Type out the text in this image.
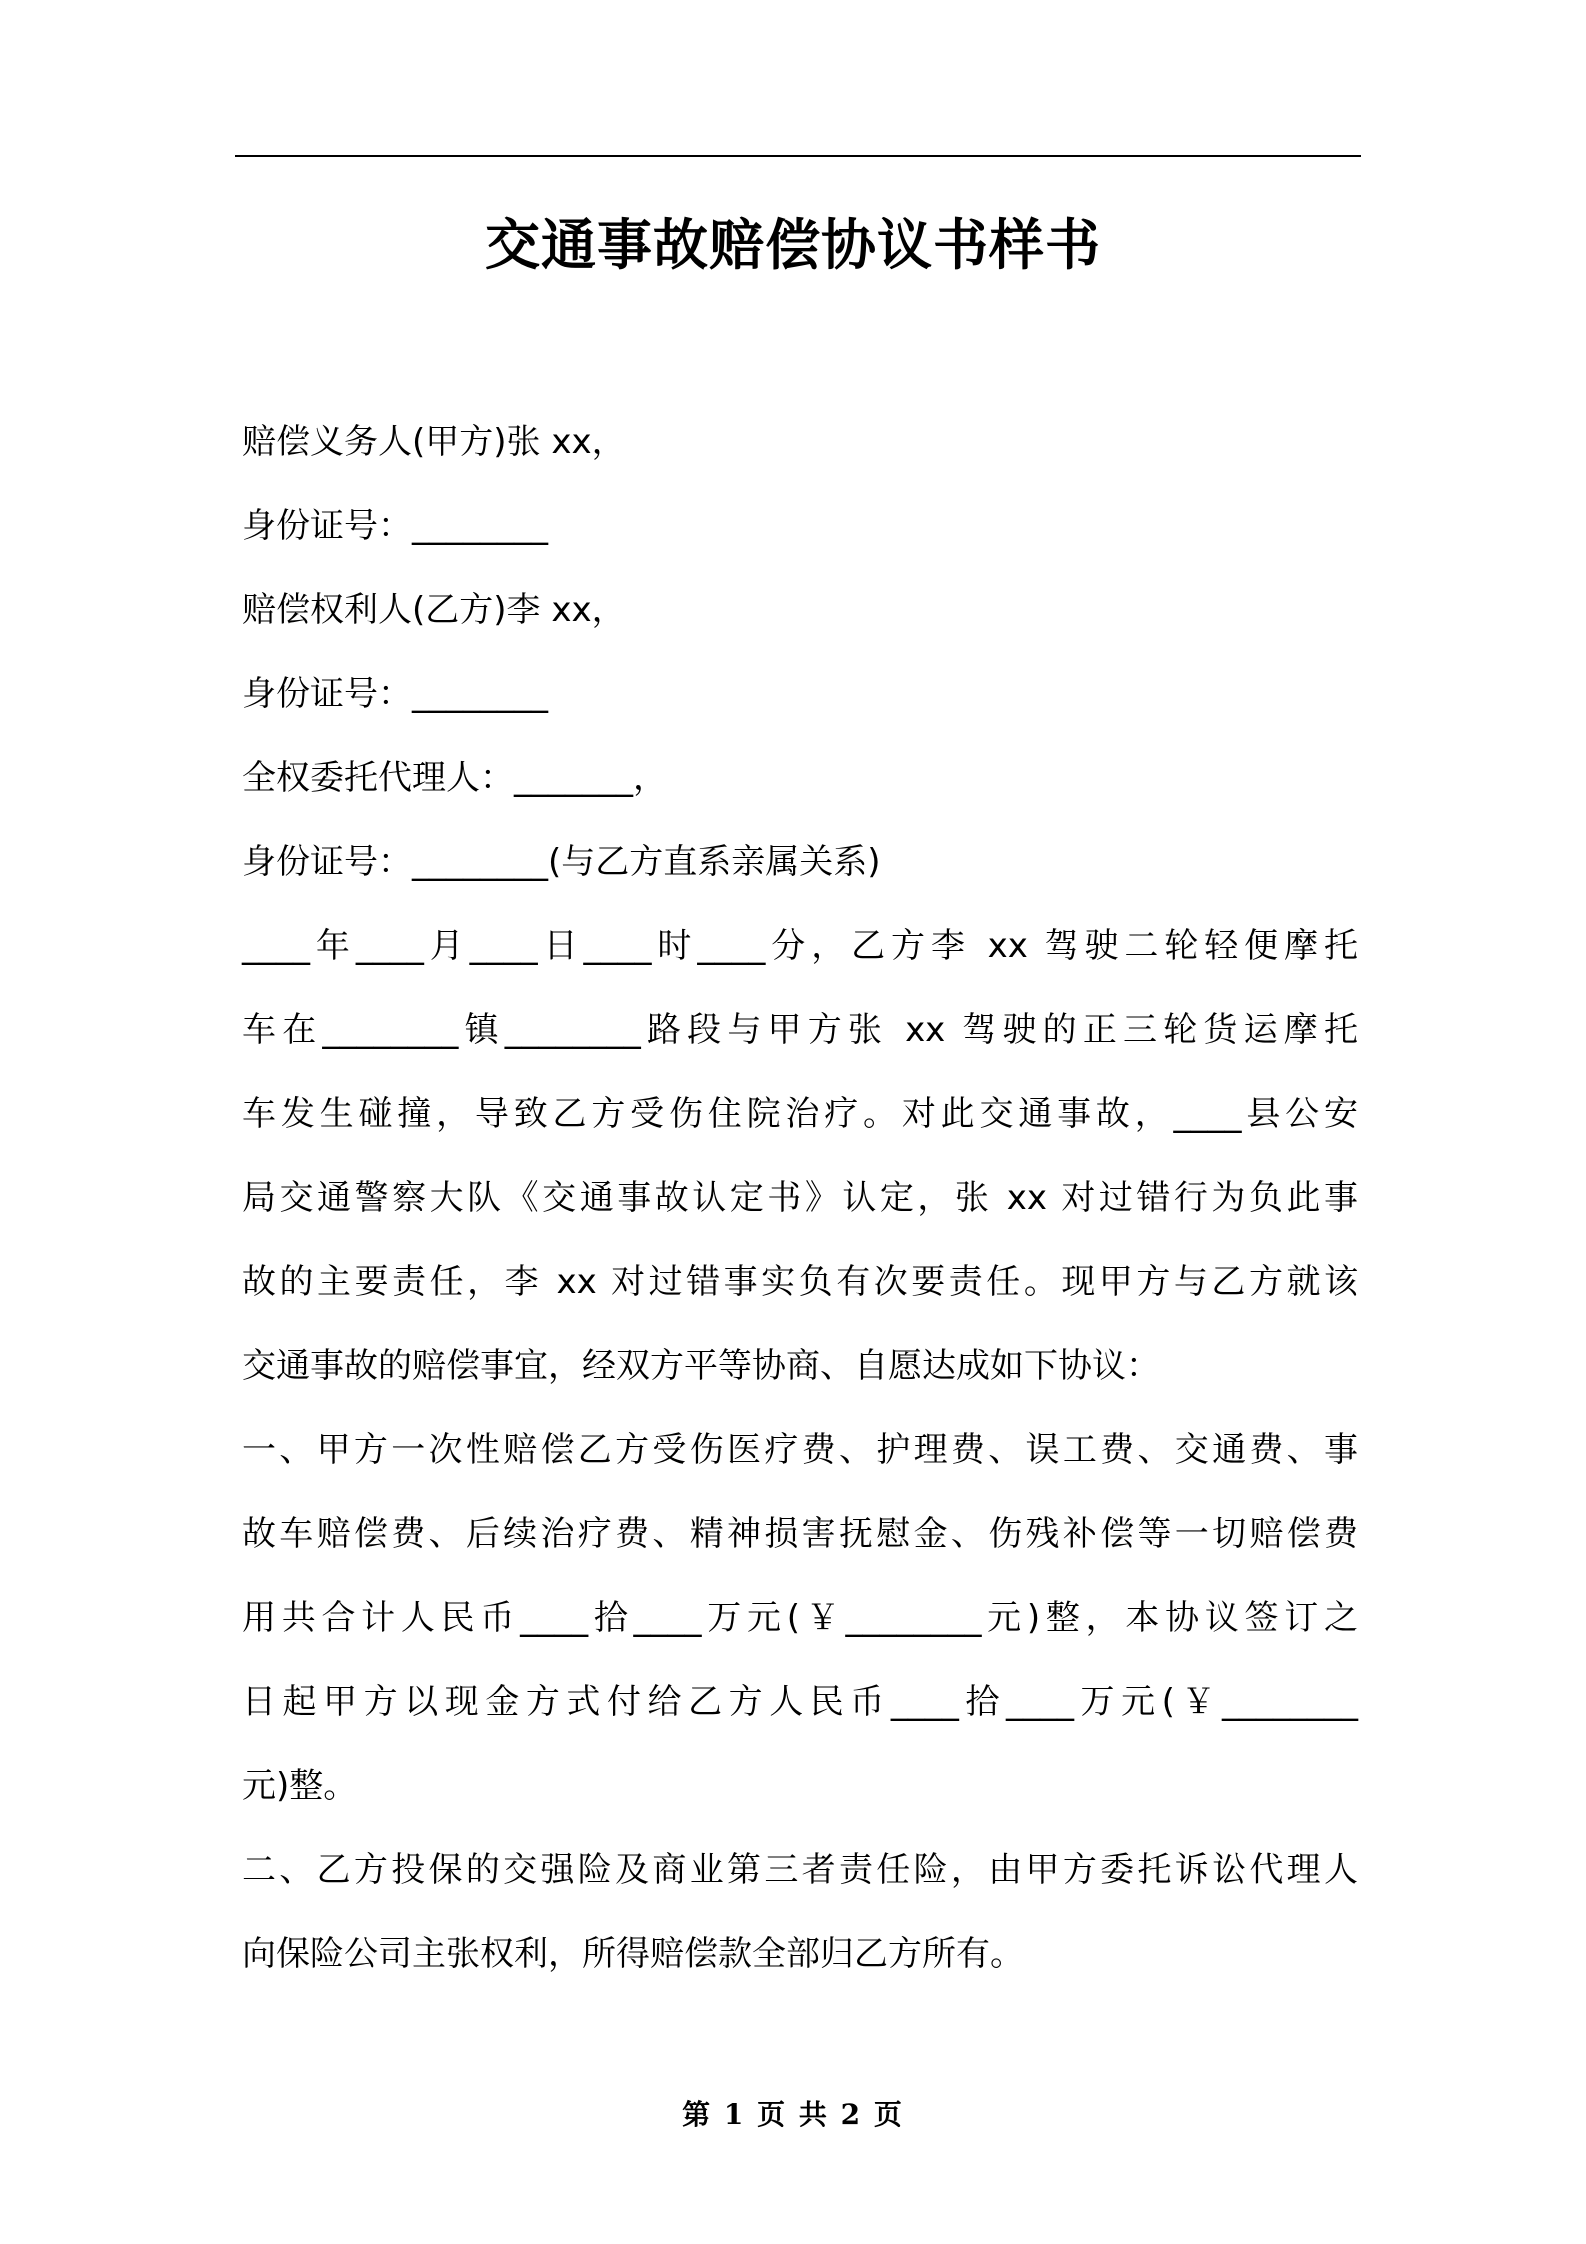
交通事故赔偿协议书样书
赔偿义务人(甲方)张 xx，
身份证号：________
赔偿权利人(乙方)李 xx，
身份证号：________
全权委托代理人：_______，
身份证号：________(与乙方直系亲属关系)
____年____月____日____时____分，乙方李 xx 驾驶二轮轻便摩托
车在________镇________路段与甲方张 xx 驾驶的正三轮货运摩托
车发生碰撞，导致乙方受伤住院治疗。对此交通事故，____县公安
局交通警察大队《交通事故认定书》认定，张 xx 对过错行为负此事
故的主要责任，李 xx 对过错事实负有次要责任。现甲方与乙方就该
交通事故的赔偿事宜，经双方平等协商、自愿达成如下协议：
一、甲方一次性赔偿乙方受伤医疗费、护理费、误工费、交通费、事
故车赔偿费、后续治疗费、精神损害抚慰金、伤残补偿等一切赔偿费
用共合计人民币____拾____万元(￥________元)整，本协议签订之
日起甲方以现金方式付给乙方人民币____拾____万元(￥________
元)整。
二、乙方投保的交强险及商业第三者责任险，由甲方委托诉讼代理人
向保险公司主张权利，所得赔偿款全部归乙方所有。
第 1 页 共 2 页
